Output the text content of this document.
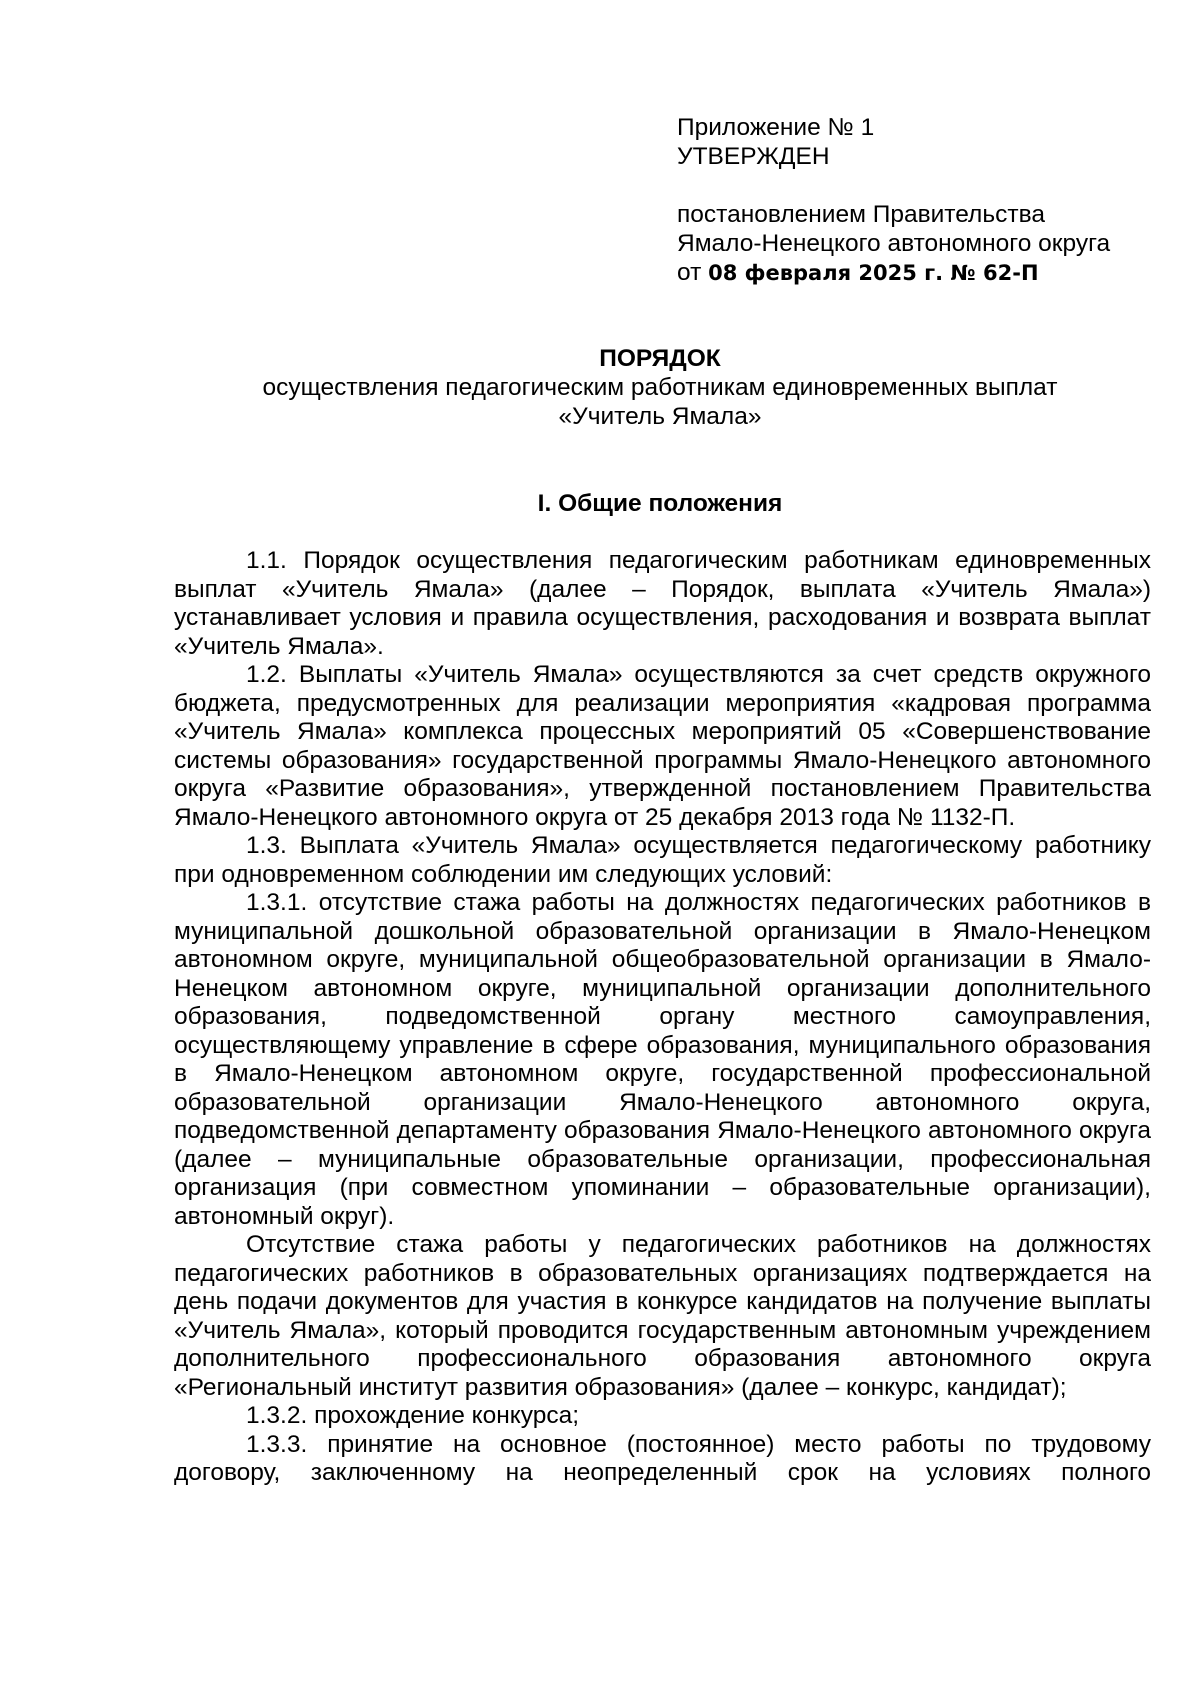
Приложение № 1
УТВЕРЖДЕН
постановлением Правительства
Ямало-Ненецкого автономного округа
от 08 февраля 2025 г. № 62-П
ПОРЯДОК
осуществления педагогическим работникам единовременных выплат
«Учитель Ямала»
I. Общие положения

1.1. Порядок осуществления педагогическим работникам единовременных выплат «Учитель Ямала» (далее – Порядок, выплата «Учитель Ямала») устанавливает условия и правила осуществления, расходования и возврата выплат «Учитель Ямала».

1.2. Выплаты «Учитель Ямала» осуществляются за счет средств окружного бюджета, предусмотренных для реализации мероприятия «кадровая программа «Учитель Ямала» комплекса процессных мероприятий 05 «Совершенствование системы образования» государственной программы Ямало-Ненецкого автономного округа «Развитие образования», утвержденной постановлением Правительства Ямало-Ненецкого автономного округа от 25 декабря 2013 года № 1132-П.

1.3. Выплата «Учитель Ямала» осуществляется педагогическому работнику при одновременном соблюдении им следующих условий:

1.3.1. отсутствие стажа работы на должностях педагогических работников в муниципальной дошкольной образовательной организации в Ямало-Ненецком автономном округе, муниципальной общеобразовательной организации в Ямало-Ненецком автономном округе, муниципальной организации дополнительного образования, подведомственной органу местного самоуправления, осуществляющему управление в сфере образования, муниципального образования в Ямало-Ненецком автономном округе, государственной профессиональной образовательной организации Ямало-Ненецкого автономного округа, подведомственной департаменту образования Ямало-Ненецкого автономного округа (далее – муниципальные образовательные организации, профессиональная организация (при совместном упоминании – образовательные организации), автономный округ).

Отсутствие стажа работы у педагогических работников на должностях педагогических работников в образовательных организациях подтверждается на день подачи документов для участия в конкурсе кандидатов на получение выплаты «Учитель Ямала», который проводится государственным автономным учреждением дополнительного профессионального образования автономного округа «Региональный институт развития образования» (далее – конкурс, кандидат);

1.3.2. прохождение конкурса;

1.3.3. принятие на основное (постоянное) место работы по трудовому договору, заключенному на неопределенный срок на условиях полного
